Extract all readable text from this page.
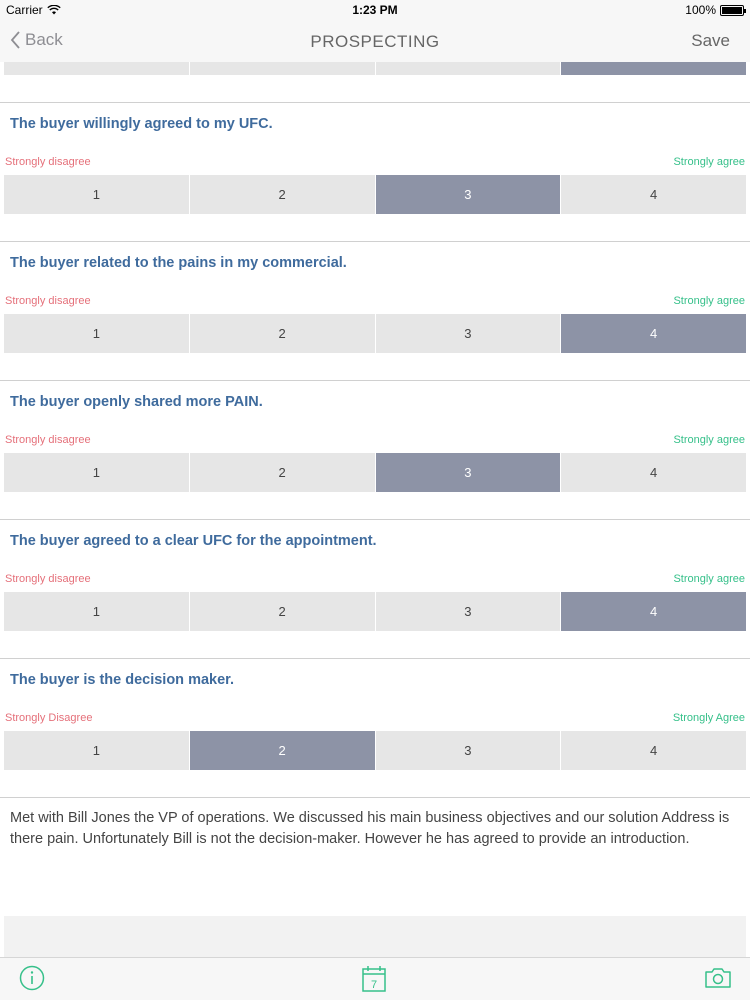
Carrier	1:23 PM	100%
Back	PROSPECTING	Save
The buyer willingly agreed to my UFC.
Strongly disagree	Strongly agree
1	2	3	4
The buyer related to the pains in my commercial.
Strongly disagree	Strongly agree
1	2	3	4
The buyer openly shared more PAIN.
Strongly disagree	Strongly agree
1	2	3	4
The buyer agreed to a clear UFC for the appointment.
Strongly disagree	Strongly agree
1	2	3	4
The buyer is the decision maker.
Strongly Disagree	Strongly Agree
1	2	3	4
Met with Bill Jones the VP of operations. We discussed his main business objectives and our solution Address is there pain. Unfortunately Bill is not the decision-maker. However he has agreed to provide an introduction.
7
